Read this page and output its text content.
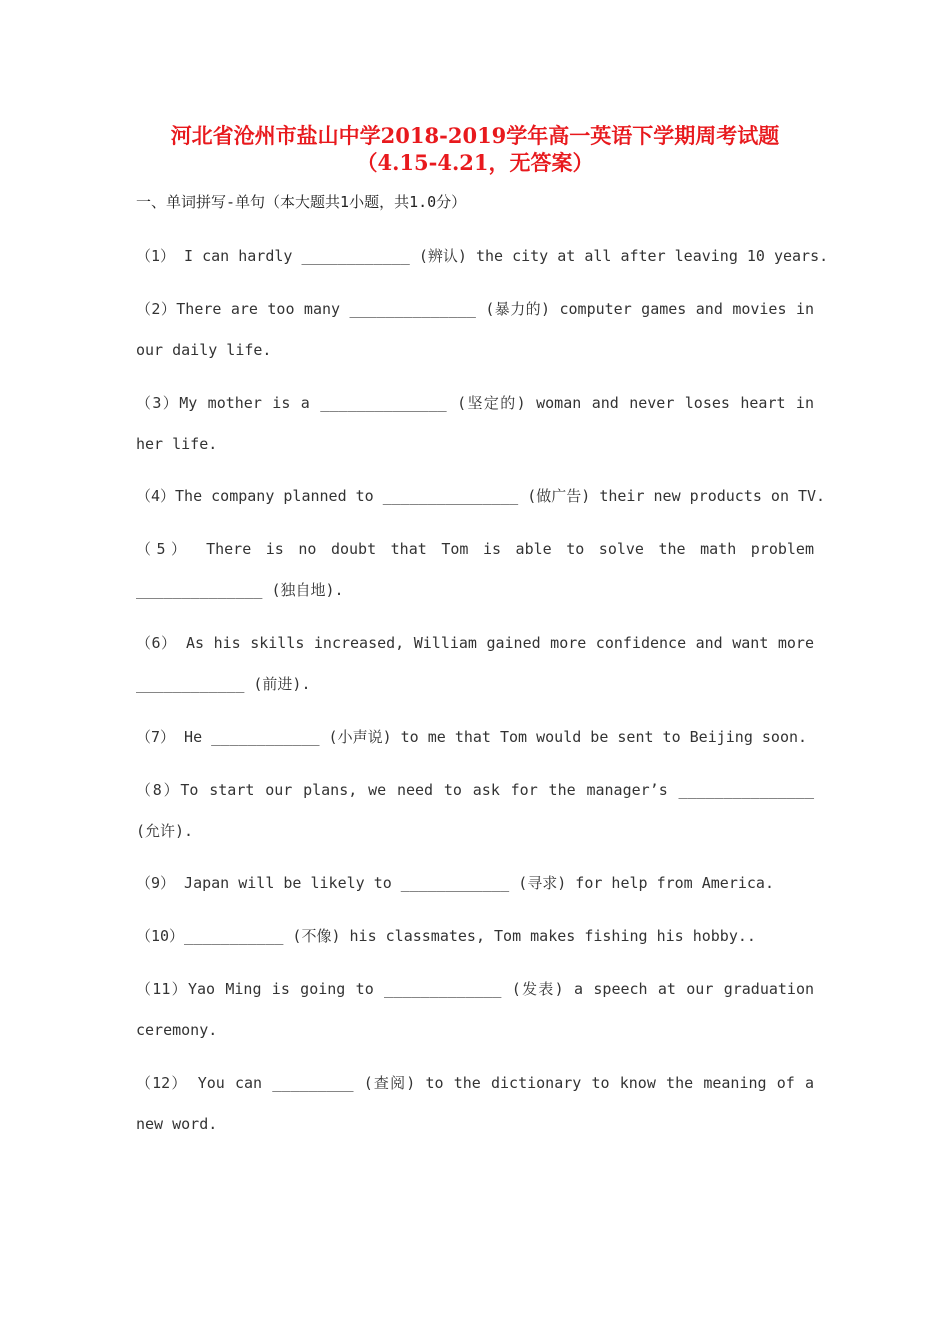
河北省沧州市盐山中学2018-2019学年高一英语下学期周考试题
（4.15-4.21，无答案）
一、单词拼写-单句（本大题共1小题，共1.0分）
（1） I can hardly ____________ (辨认) the city at all after leaving 10 years.
（2）There are too many ______________ (暴力的) computer games and movies in our daily life.
（3）My mother is a ______________ (坚定的) woman and never loses heart in her life.
（4）The company planned to _______________ (做广告) their new products on TV.
（5） There is no doubt that Tom is able to solve the math problem ______________ (独自地).
（6） As his skills increased, William gained more confidence and want more ____________ (前进).
（7） He ____________ (小声说) to me that Tom would be sent to Beijing soon.
（8）To start our plans, we need to ask for the manager’s _______________ (允许).
（9） Japan will be likely to ____________ (寻求) for help from America.
（10）___________ (不像) his classmates, Tom makes fishing his hobby..
（11）Yao Ming is going to _____________ (发表) a speech at our graduation ceremony.
（12） You can _________ (查阅) to the dictionary to know the meaning of a new word.
